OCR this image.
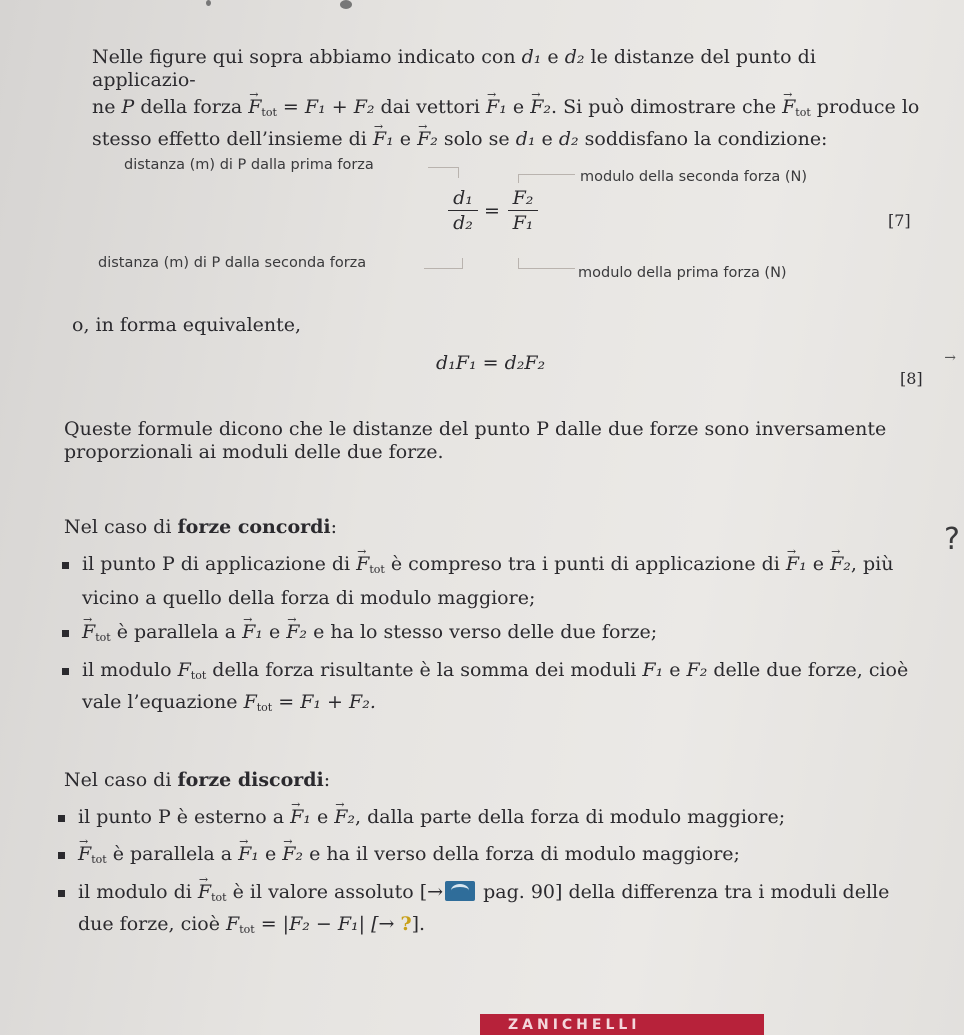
Nelle figure qui sopra abbiamo indicato con d₁ e d₂ le distanze del punto di applicazio-
ne P della forza → $F_{tot} = F_1 + F_2$ dai vettori → F₁ e → F₂. Si può dimostrare che → $F_{tot}$ produce lo
stesso effetto dell’insieme di → F₁ e → F₂ solo se d₁ e d₂ soddisfano la condizione:
distanza (m) di P dalla prima forza
modulo della seconda forza (N)
distanza (m) di P dalla seconda forza
modulo della prima forza (N)
d₁
d₂
=
F₂
F₁	[7]
o, in forma equivalente,
d₁F₁ = d₂F₂
[8]
→
Queste formule dicono che le distanze del punto P dalle due forze sono inversamente
proporzionali ai moduli delle due forze.
Nel caso di forze concordi:	?
il punto P di applicazione di → $F_{tot}$ è compreso tra i punti di applicazione di → F₁ e → F₂, più
vicino a quello della forza di modulo maggiore;
→ $F_{tot}$ è parallela a → F₁ e → F₂ e ha lo stesso verso delle due forze;
il modulo $F_{tot}$ della forza risultante è la somma dei moduli F₁ e F₂ delle due forze, cioè
vale l’equazione $F_{tot} = F_1 + F_2$.
Nel caso di forze discordi:
il punto P è esterno a → F₁ e → F₂, dalla parte della forza di modulo maggiore;
→ $F_{tot}$ è parallela a → F₁ e → F₂ e ha il verso della forza di modulo maggiore;
il modulo di → $F_{tot}$ è il valore assoluto [→ pag. 90] della differenza tra i moduli delle
due forze, cioè $F_{tot} = |F_2 - F_1|$ [→ ?].
ZANICHELLI
